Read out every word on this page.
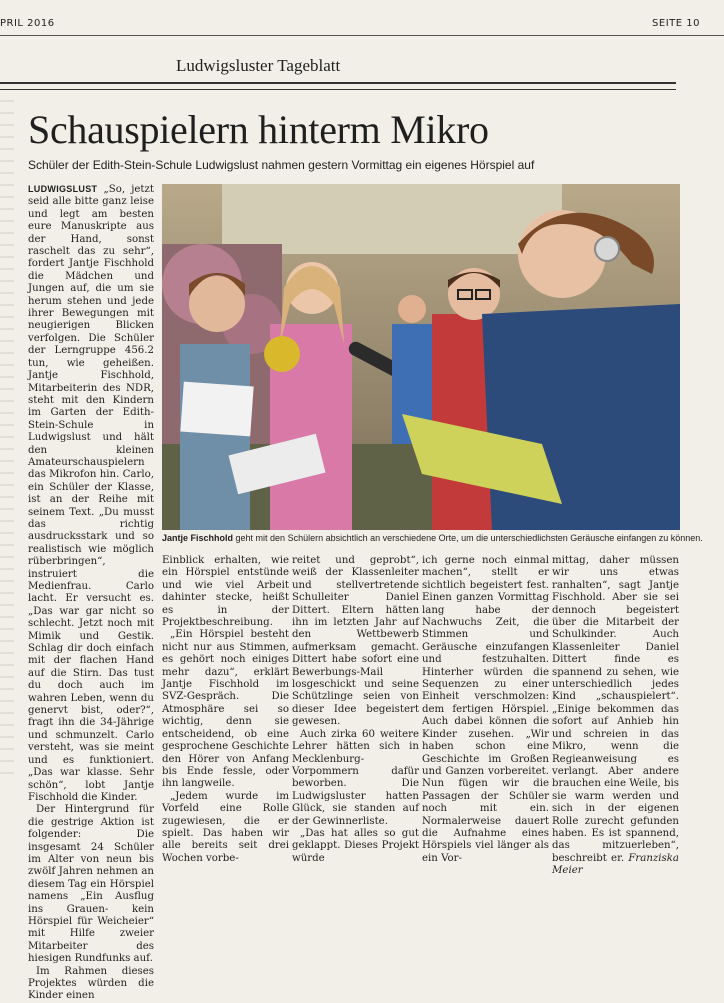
PRIL 2016	SEITE 10
Ludwigsluster Tageblatt
Schauspielern hinterm Mikro
Schüler der Edith-Stein-Schule Ludwigslust nahmen gestern Vormittag ein eigenes Hörspiel auf
LUDWIGSLUST „So, jetzt seid alle bitte ganz leise und legt am besten eure Manuskripte aus der Hand, sonst raschelt das zu sehr“, fordert Jantje Fischhold die Mädchen und Jungen auf, die um sie herum stehen und jede ihrer Bewegungen mit neugierigen Blicken verfolgen. Die Schüler der Lerngruppe 456.2 tun, wie geheißen. Jantje Fischhold, Mitarbeiterin des NDR, steht mit den Kindern im Garten der Edith-Stein-Schule in Ludwigslust und hält den kleinen Amateurschauspielern das Mikrofon hin. Carlo, ein Schüler der Klasse, ist an der Reihe mit seinem Text. „Du musst das richtig ausdrucksstark und so realistisch wie möglich rüberbringen“, instruiert die Medienfrau. Carlo lacht. Er versucht es. „Das war gar nicht so schlecht. Jetzt noch mit Mimik und Gestik. Schlag dir doch einfach mit der flachen Hand auf die Stirn. Das tust du doch auch im wahren Leben, wenn du genervt bist, oder?“, fragt ihn die 34-Jährige und schmunzelt. Carlo versteht, was sie meint und es funktioniert. „Das war klasse. Sehr schön“, lobt Jantje Fischhold die Kinder.

Der Hintergrund für die gestrige Aktion ist folgender: Die insgesamt 24 Schüler im Alter von neun bis zwölf Jahren nehmen an diesem Tag ein Hörspiel namens „Ein Ausflug ins Grauen- kein Hörspiel für Weicheier“ mit Hilfe zweier Mitarbeiter des hiesigen Rundfunks auf.

Im Rahmen dieses Projektes würden die Kinder einen

Jantje Fischhold geht mit den Schülern absichtlich an verschiedene Orte, um die unterschiedlichsten Geräusche einfangen zu können.
Einblick erhalten, wie ein Hörspiel entstünde und wie viel Arbeit dahinter stecke, heißt es in der Projektbeschreibung.

„Ein Hörspiel besteht nicht nur aus Stimmen, es gehört noch einiges mehr dazu“, erklärt Jantje Fischhold im SVZ-Gespräch. Die Atmosphäre sei so wichtig, denn sie entscheidend, ob eine gesprochene Geschichte den Hörer von Anfang bis Ende fessle, oder ihn langweile.

„Jedem wurde im Vorfeld eine Rolle zugewiesen, die er spielt. Das haben wir alle bereits seit drei Wochen vorbe-

reitet und geprobt“, weiß der Klassenleiter und stellvertretende Schulleiter Daniel Dittert. Eltern hätten ihn im letzten Jahr auf den Wettbewerb aufmerksam gemacht. Dittert habe sofort eine Bewerbungs-Mail losgeschickt und seine Schützlinge seien von dieser Idee begeistert gewesen.

Auch zirka 60 weitere Lehrer hätten sich in Mecklenburg-Vorpommern dafür beworben. Die Ludwigsluster hatten Glück, sie standen auf der Gewinnerliste.

„Das hat alles so gut geklappt. Dieses Projekt würde

ich gerne noch einmal machen“, stellt er sichtlich begeistert fest. Einen ganzen Vormittag lang habe der Nachwuchs Zeit, die Stimmen und Geräusche einzufangen und festzuhalten. Hinterher würden die Sequenzen zu einer Einheit verschmolzen: dem fertigen Hörspiel. Auch dabei können die Kinder zusehen. „Wir haben schon eine Geschichte im Großen und Ganzen vorbereitet. Nun fügen wir die Passagen der Schüler noch mit ein. Normalerweise dauert die Aufnahme eines Hörspiels viel länger als ein Vor-
mittag, daher müssen wir uns etwas ranhalten“, sagt Jantje Fischhold. Aber sie sei dennoch begeistert über die Mitarbeit der Schulkinder. Auch Klassenleiter Daniel Dittert finde es spannend zu sehen, wie unterschiedlich jedes Kind „schauspielert“. „Einige bekommen das sofort auf Anhieb hin und schreien in das Mikro, wenn die Regieanweisung es verlangt. Aber andere brauchen eine Weile, bis sie warm werden und sich in der eigenen Rolle zurecht gefunden haben. Es ist spannend, das mitzuerleben“, beschreibt er. Franziska Meier
